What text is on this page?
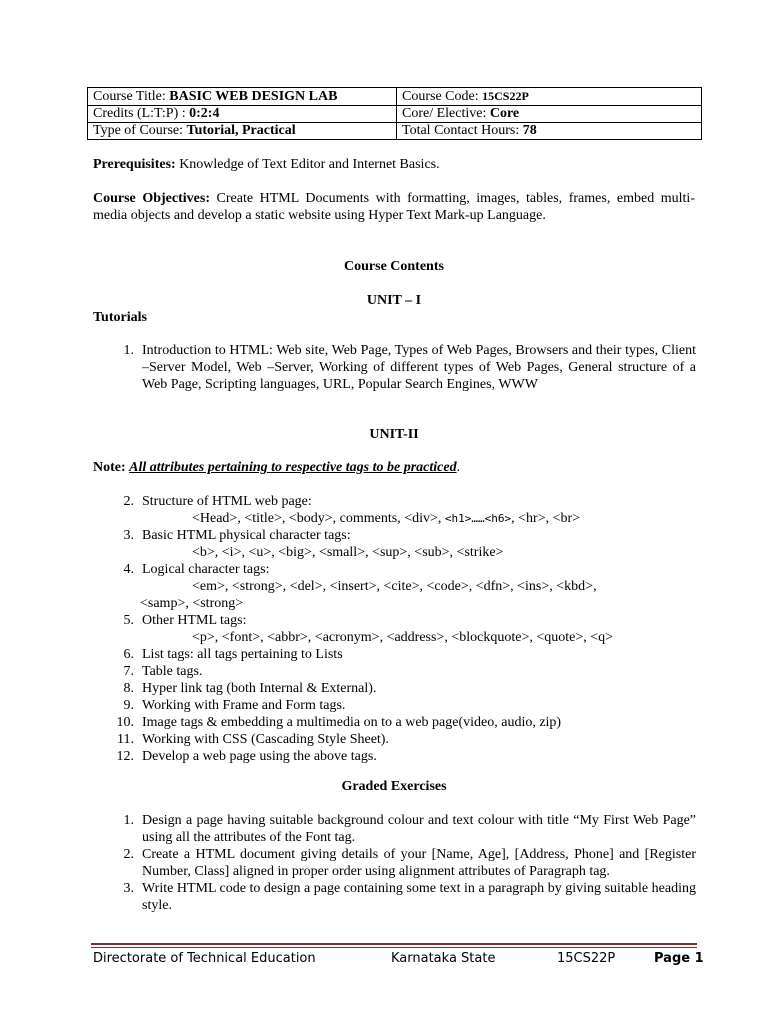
Course Title: BASIC WEB DESIGN LAB	Course Code: 15CS22P
Credits (L:T:P) : 0:2:4	Core/ Elective: Core
Type of Course: Tutorial, Practical	Total Contact Hours: 78
Prerequisites: Knowledge of Text Editor and Internet Basics.
Course Objectives: Create HTML Documents with formatting, images, tables, frames, embed multi-media objects and develop a static website using Hyper Text Mark-up Language.
Course Contents
UNIT – I
Tutorials
1. Introduction to HTML: Web site, Web Page, Types of Web Pages, Browsers and their types, Client –Server Model, Web –Server, Working of different types of Web Pages, General structure of a Web Page, Scripting languages, URL, Popular Search Engines, WWW
UNIT-II
Note: All attributes pertaining to respective tags to be practiced.
2. Structure of HTML web page:
<Head>, <title>, <body>, comments, <div>, <h1>……<h6>, <hr>, <br>
3. Basic HTML physical character tags:
<b>, <i>, <u>, <big>, <small>, <sup>, <sub>, <strike>
4. Logical character tags:
<em>, <strong>, <del>, <insert>, <cite>, <code>, <dfn>, <ins>, <kbd>,
<samp>, <strong>
5. Other HTML tags:
<p>, <font>, <abbr>, <acronym>, <address>, <blockquote>, <quote>, <q>
6. List tags: all tags pertaining to Lists
7. Table tags.
8. Hyper link tag (both Internal & External).
9. Working with Frame and Form tags.
10. Image tags & embedding a multimedia on to a web page(video, audio, zip)
11. Working with CSS (Cascading Style Sheet).
12. Develop a web page using the above tags.
Graded Exercises
1. Design a page having suitable background colour and text colour with title “My First Web Page” using all the attributes of the Font tag.
2. Create a HTML document giving details of your [Name, Age], [Address, Phone] and [Register Number, Class] aligned in proper order using alignment attributes of Paragraph tag.
3. Write HTML code to design a page containing some text in a paragraph by giving suitable heading style.
Directorate of Technical Education	Karnataka State	15CS22P	Page 1
